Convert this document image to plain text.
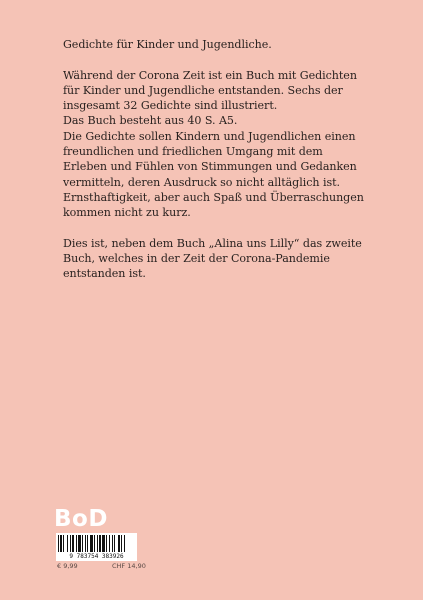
Gedichte für Kinder und Jugendliche.

Während der Corona Zeit ist ein Buch mit Gedichten
für Kinder und Jugendliche entstanden. Sechs der
insgesamt 32 Gedichte sind illustriert.
Das Buch besteht aus 40 S. A5.
Die Gedichte sollen Kindern und Jugendlichen einen
freundlichen und friedlichen Umgang mit dem
Erleben und Fühlen von Stimmungen und Gedanken
vermitteln, deren Ausdruck so nicht alltäglich ist.
Ernsthaftigkeit, aber auch Spaß und Überraschungen
kommen nicht zu kurz.

Dies ist, neben dem Buch „Alina uns Lilly“ das zweite
Buch, welches in der Zeit der Corona-Pandemie
entstanden ist.

BoD
9 783754 383926
€ 9,99	CHF 14,90
